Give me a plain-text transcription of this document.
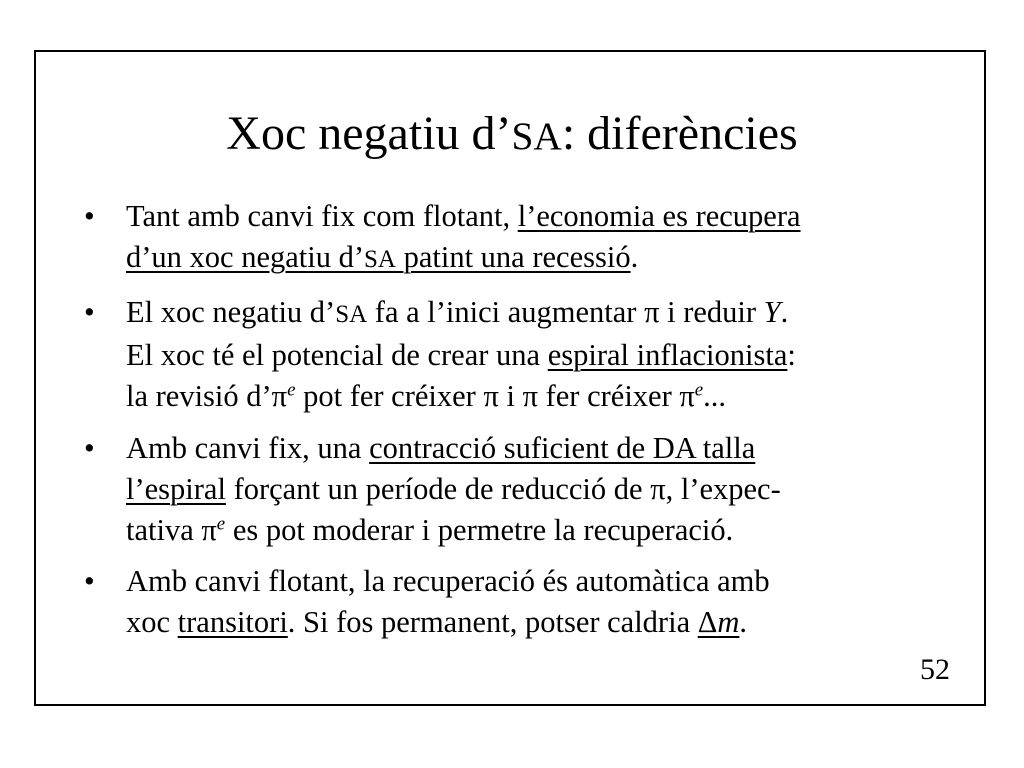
Xoc negatiu d’SA: diferències
• Tant amb canvi fix com flotant, l’economia es recupera
d’un xoc negatiu d’SA patint una recessió.
• El xoc negatiu d’SA fa a l’inici augmentar π i reduir Y.
El xoc té el potencial de crear una espiral inflacionista:
la revisió $d’\pi^e$ pot fer créixer π i π fer créixer $\pi^e$...
• Amb canvi fix, una contracció suficient de DA talla
l’espiral forçant un període de reducció de π, l’expec-
tativa $\pi^e$ es pot moderar i permetre la recuperació.
• Amb canvi flotant, la recuperació és automàtica amb
xoc transitori. Si fos permanent, potser caldria Δm.
52
